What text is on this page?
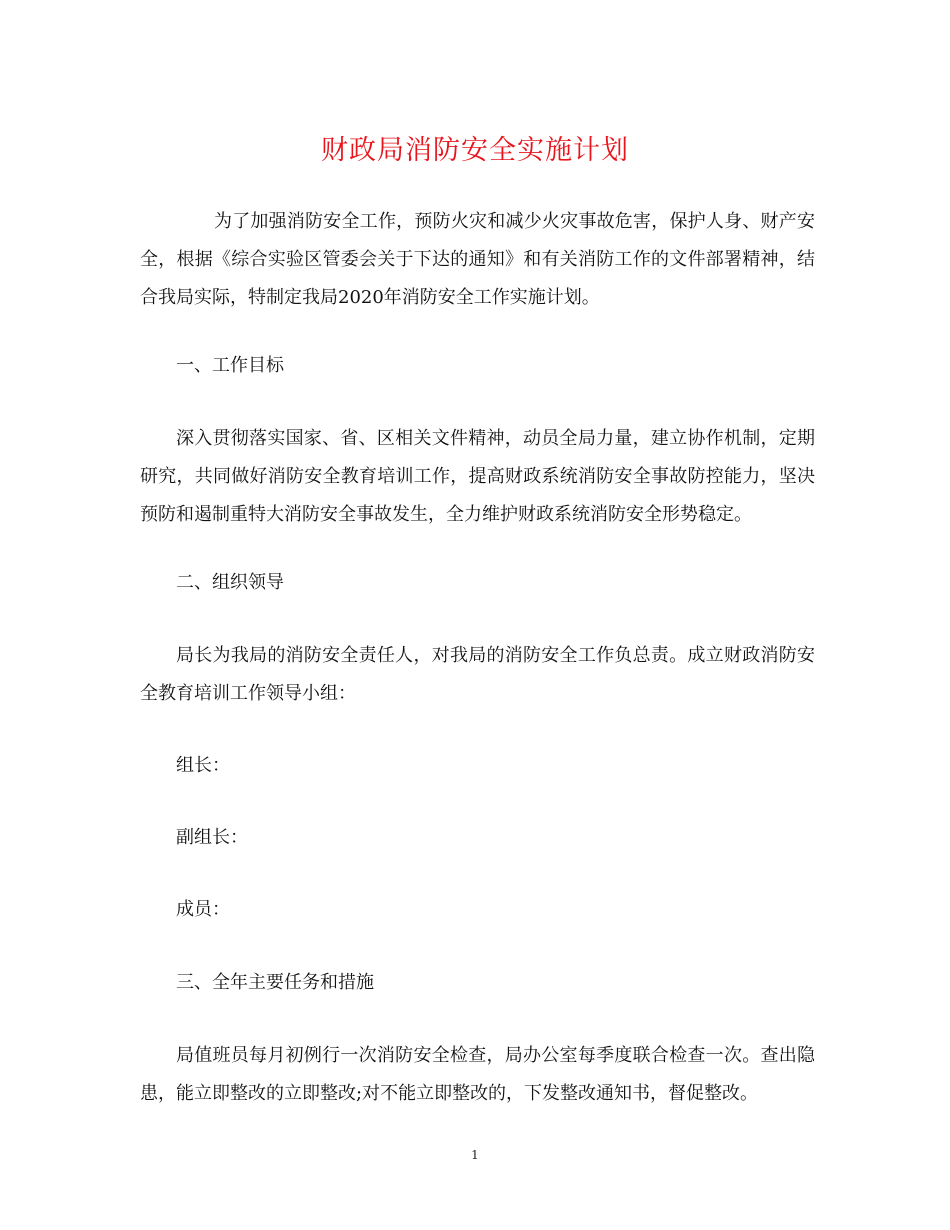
财政局消防安全实施计划

为了加强消防安全工作，预防火灾和减少火灾事故危害，保护人身、财产安全，根据《综合实验区管委会关于下达的通知》和有关消防工作的文件部署精神，结合我局实际，特制定我局2020年消防安全工作实施计划。

一、工作目标

深入贯彻落实国家、省、区相关文件精神，动员全局力量，建立协作机制，定期研究，共同做好消防安全教育培训工作，提高财政系统消防安全事故防控能力，坚决预防和遏制重特大消防安全事故发生，全力维护财政系统消防安全形势稳定。

二、组织领导

局长为我局的消防安全责任人，对我局的消防安全工作负总责。成立财政消防安全教育培训工作领导小组：

组长：

副组长：

成员：

三、全年主要任务和措施

局值班员每月初例行一次消防安全检查，局办公室每季度联合检查一次。查出隐患，能立即整改的立即整改;对不能立即整改的，下发整改通知书，督促整改。

1
